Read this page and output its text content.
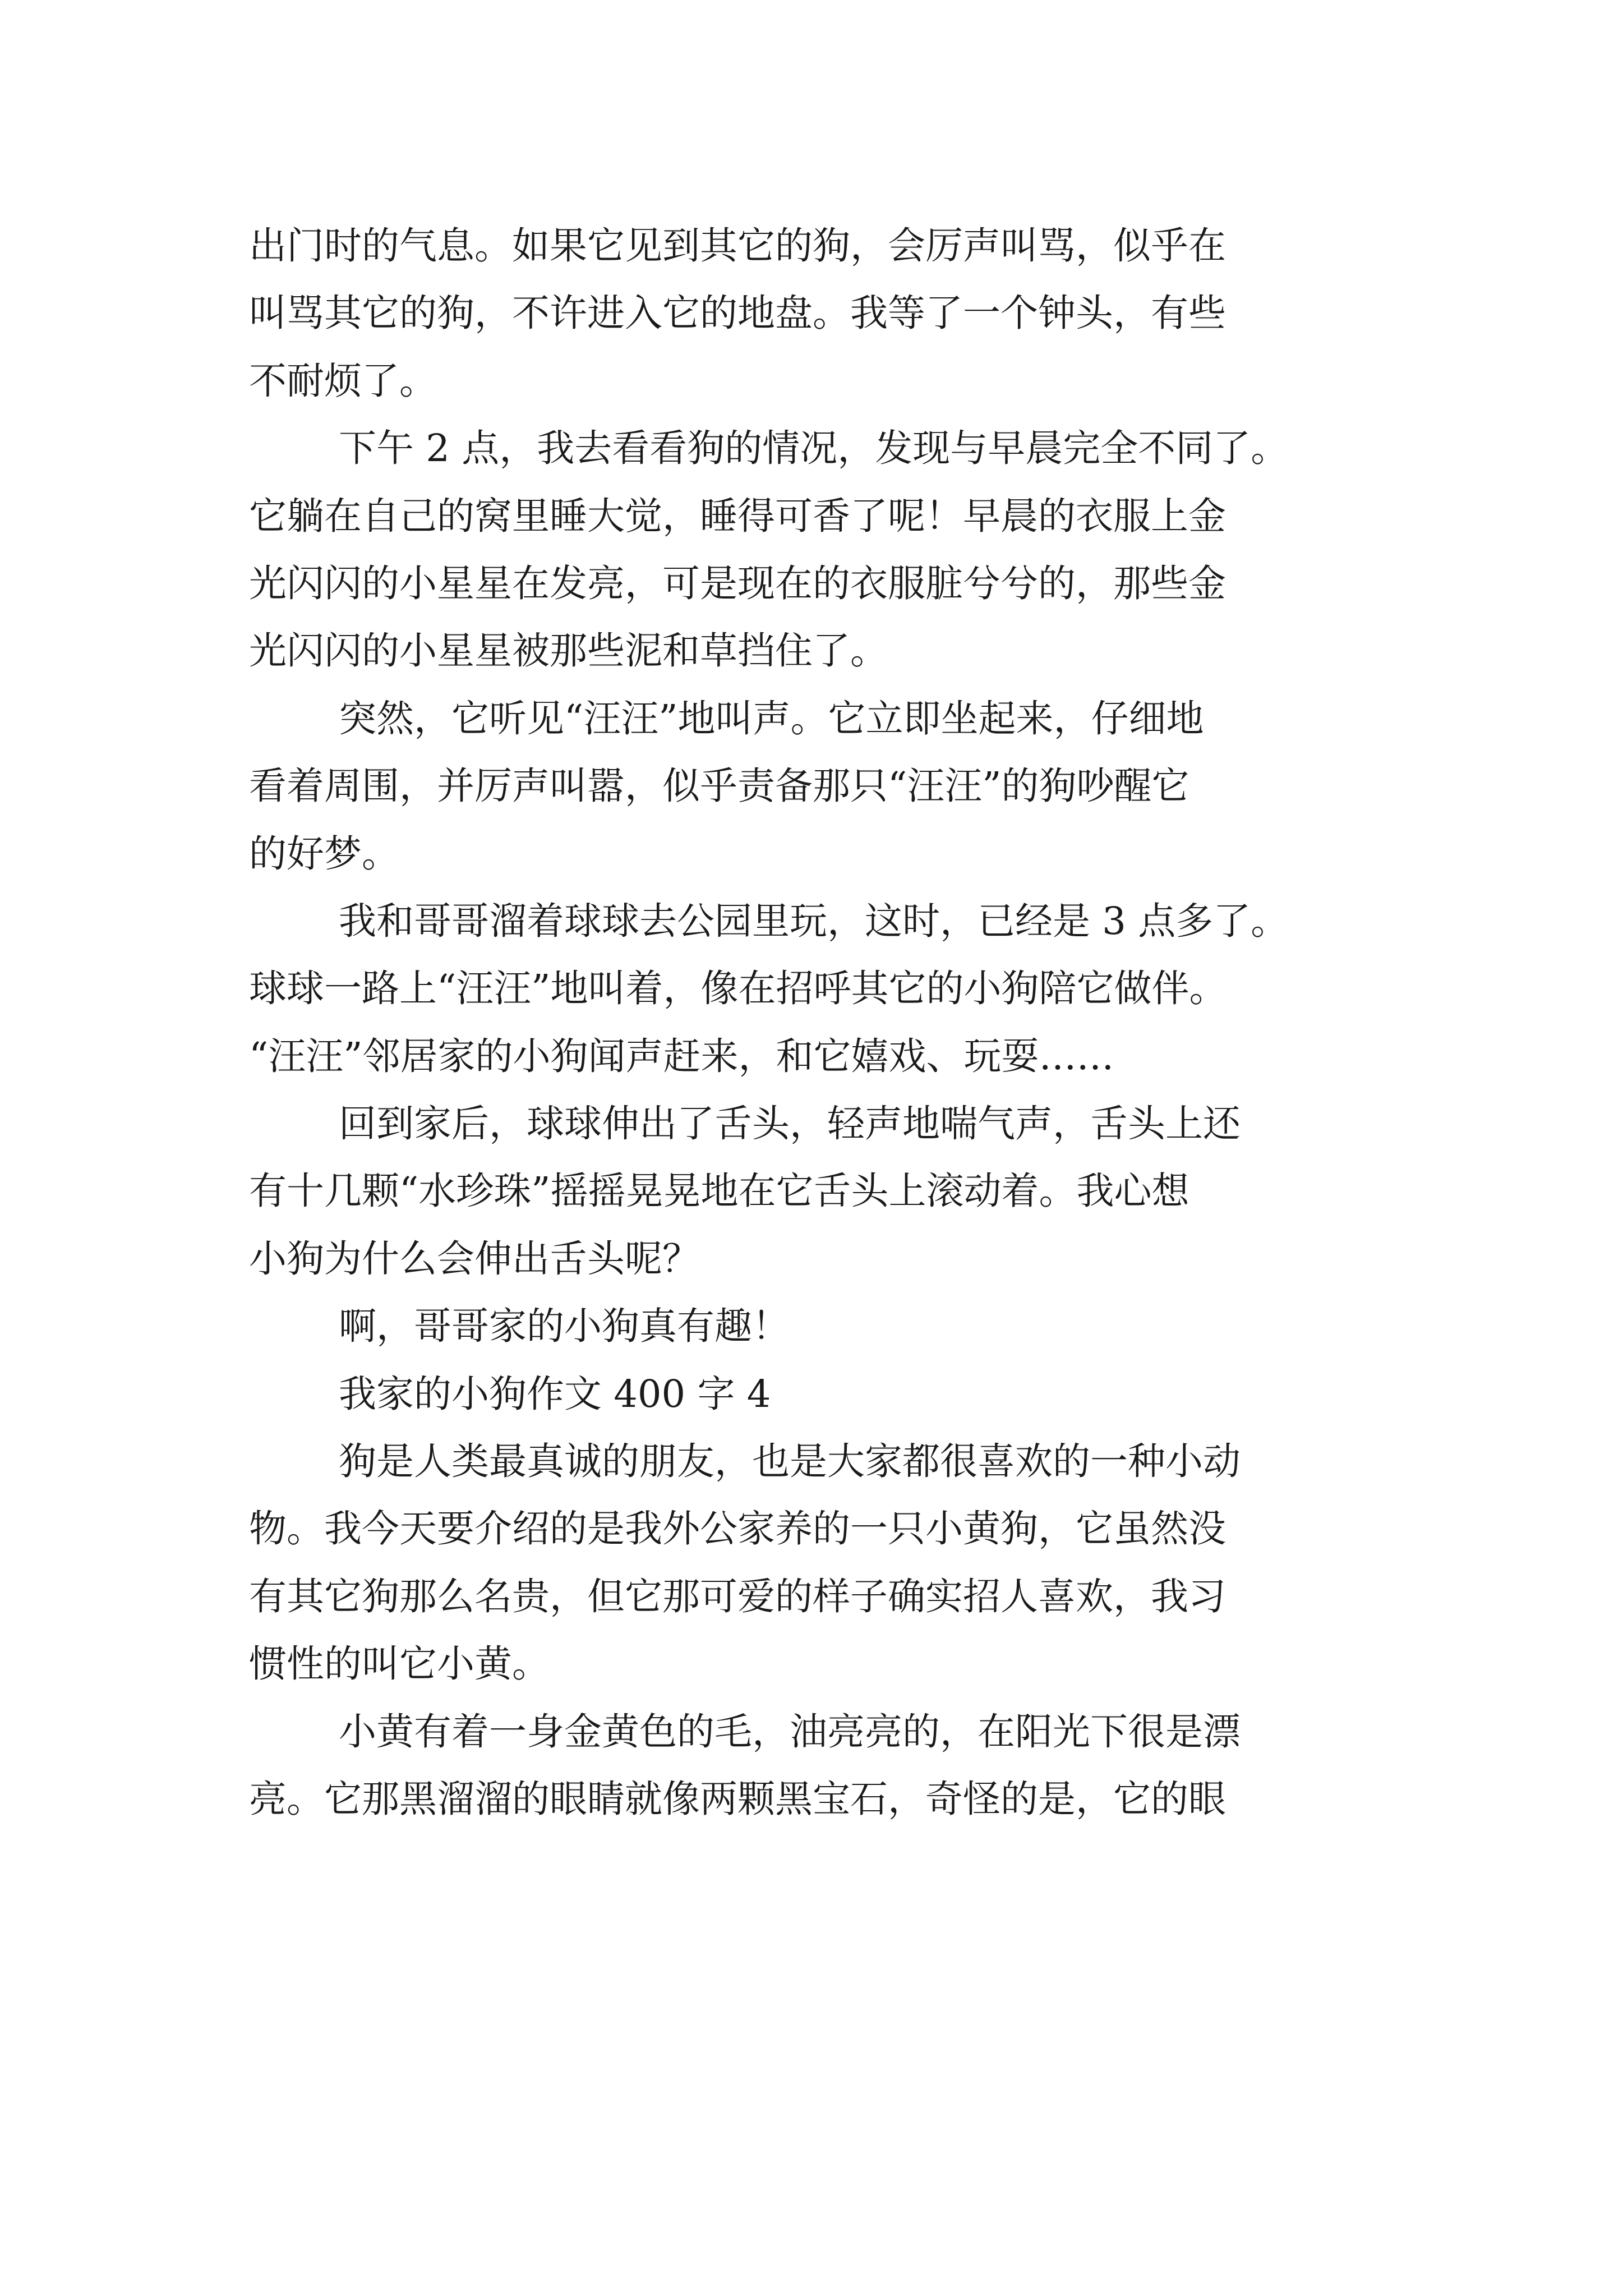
出门时的气息。如果它见到其它的狗，会厉声叫骂，似乎在
叫骂其它的狗，不许进入它的地盘。我等了一个钟头，有些
不耐烦了。
下午 2 点，我去看看狗的情况，发现与早晨完全不同了。
它躺在自己的窝里睡大觉，睡得可香了呢！早晨的衣服上金
光闪闪的小星星在发亮，可是现在的衣服脏兮兮的，那些金
光闪闪的小星星被那些泥和草挡住了。
突然，它听见“汪汪”地叫声。它立即坐起来，仔细地
看着周围，并厉声叫嚣，似乎责备那只“汪汪”的狗吵醒它
的好梦。
我和哥哥溜着球球去公园里玩，这时，已经是 3 点多了。
球球一路上“汪汪”地叫着，像在招呼其它的小狗陪它做伴。
“汪汪”邻居家的小狗闻声赶来，和它嬉戏、玩耍……
回到家后，球球伸出了舌头，轻声地喘气声，舌头上还
有十几颗“水珍珠”摇摇晃晃地在它舌头上滚动着。我心想
小狗为什么会伸出舌头呢？
啊，哥哥家的小狗真有趣！
我家的小狗作文 400 字 4
狗是人类最真诚的朋友，也是大家都很喜欢的一种小动
物。我今天要介绍的是我外公家养的一只小黄狗，它虽然没
有其它狗那么名贵，但它那可爱的样子确实招人喜欢，我习
惯性的叫它小黄。
小黄有着一身金黄色的毛，油亮亮的，在阳光下很是漂
亮。它那黑溜溜的眼睛就像两颗黑宝石，奇怪的是，它的眼
